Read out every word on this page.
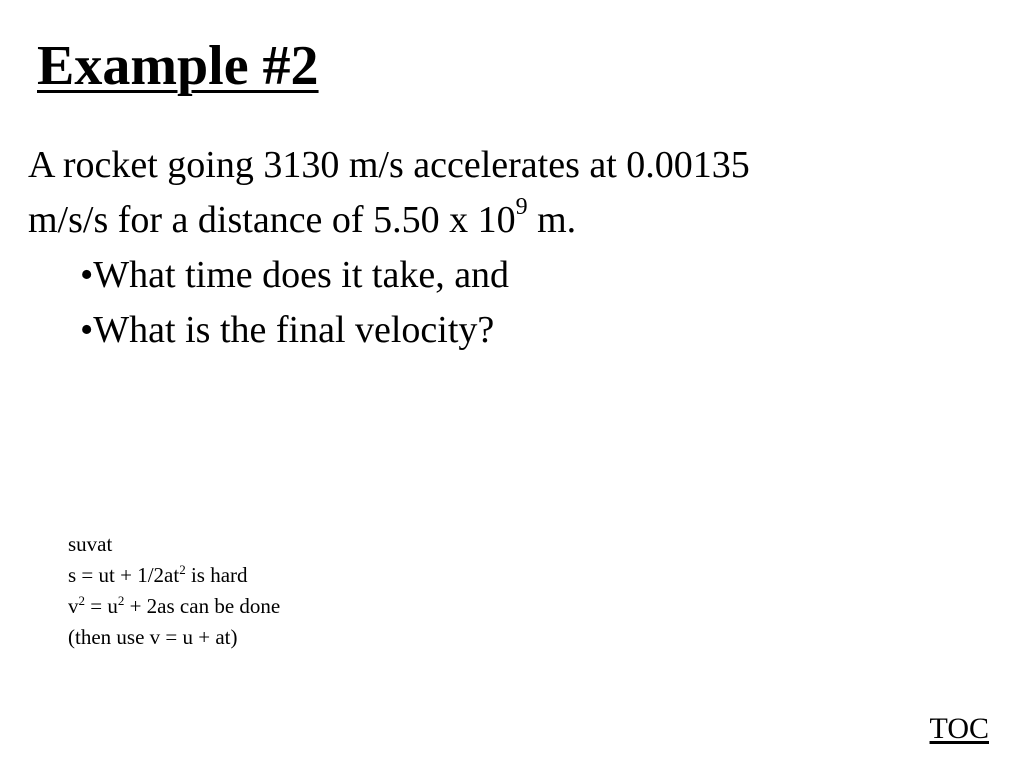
Example #2
A rocket going 3130 m/s accelerates at 0.00135
m/s/s for a distance of 5.50 x $10^9$ m.
•What time does it take, and
•What is the final velocity?
suvat
s = ut + $1/2at^2$ is hard
$v^2 = u^2 + 2as$ can be done
(then use v = u + at)
TOC
